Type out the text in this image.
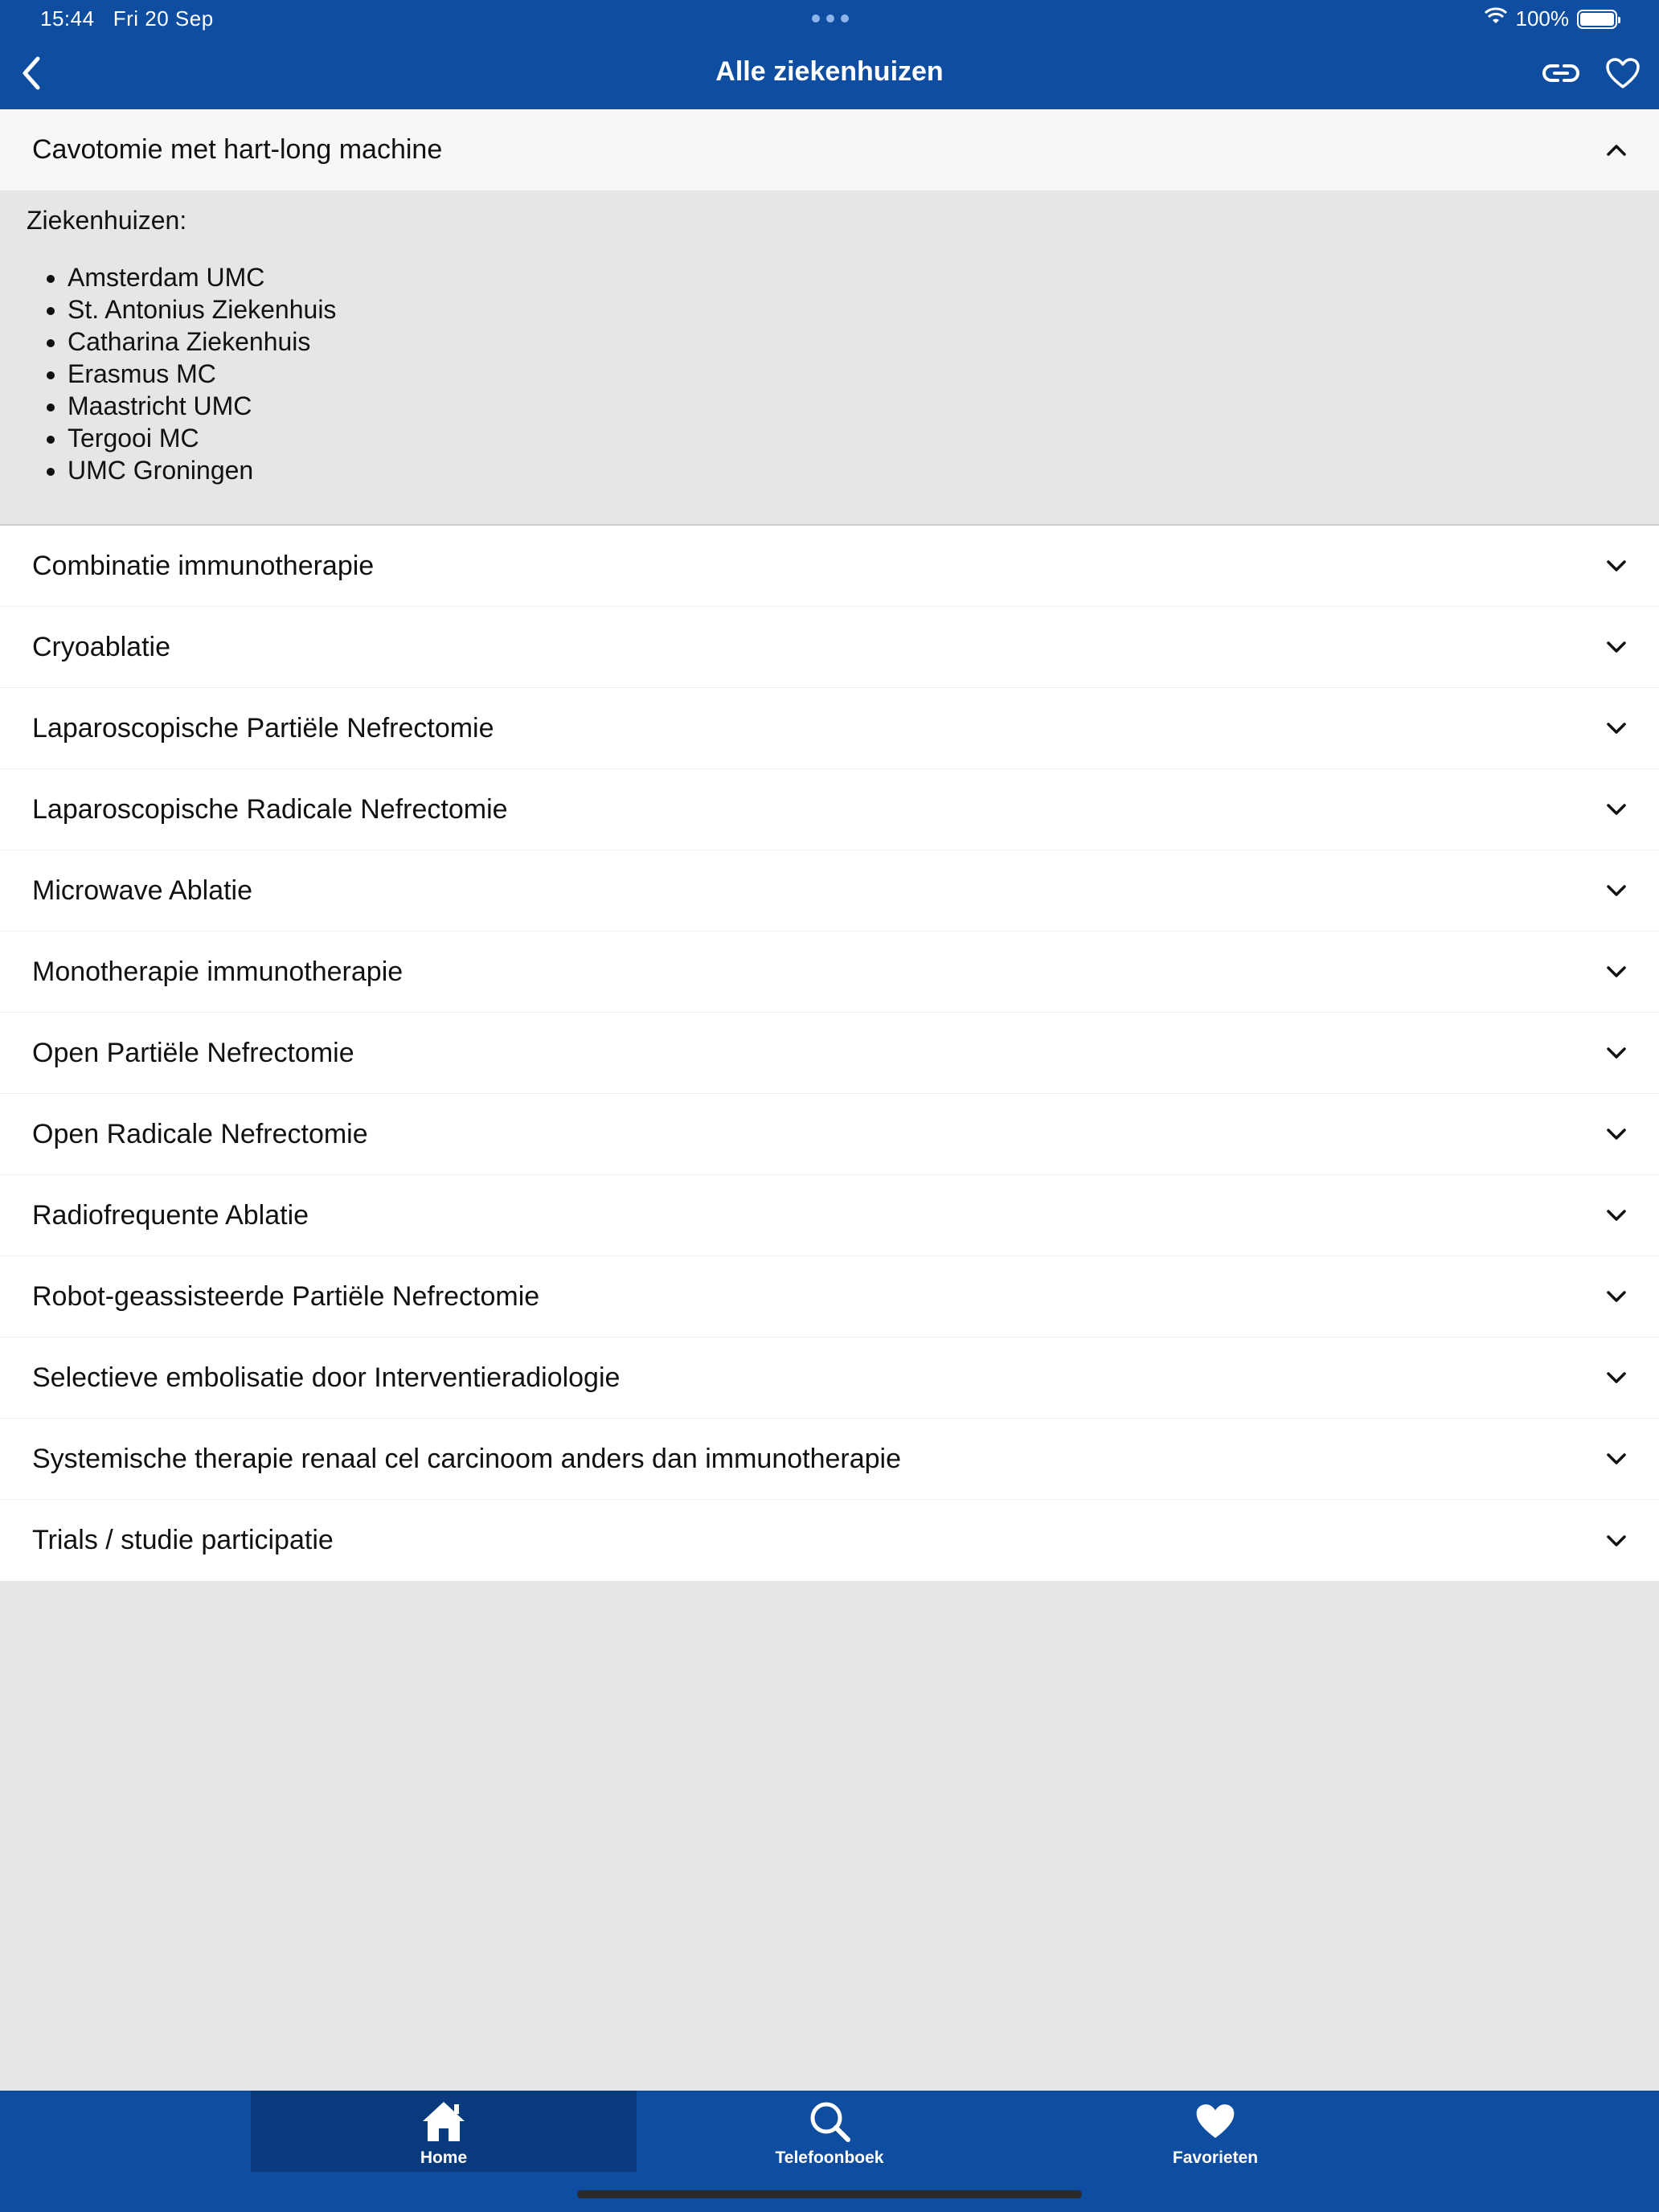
15:44 Fri 20 Sep	100%
Alle ziekenhuizen
Cavotomie met hart-long machine
Ziekenhuizen:
• Amsterdam UMC
• St. Antonius Ziekenhuis
• Catharina Ziekenhuis
• Erasmus MC
• Maastricht UMC
• Tergooi MC
• UMC Groningen
Combinatie immunotherapie
Cryoablatie
Laparoscopische Partiële Nefrectomie
Laparoscopische Radicale Nefrectomie
Microwave Ablatie
Monotherapie immunotherapie
Open Partiële Nefrectomie
Open Radicale Nefrectomie
Radiofrequente Ablatie
Robot-geassisteerde Partiële Nefrectomie
Selectieve embolisatie door Interventieradiologie
Systemische therapie renaal cel carcinoom anders dan immunotherapie
Trials / studie participatie
Home	Telefoonboek	Favorieten
